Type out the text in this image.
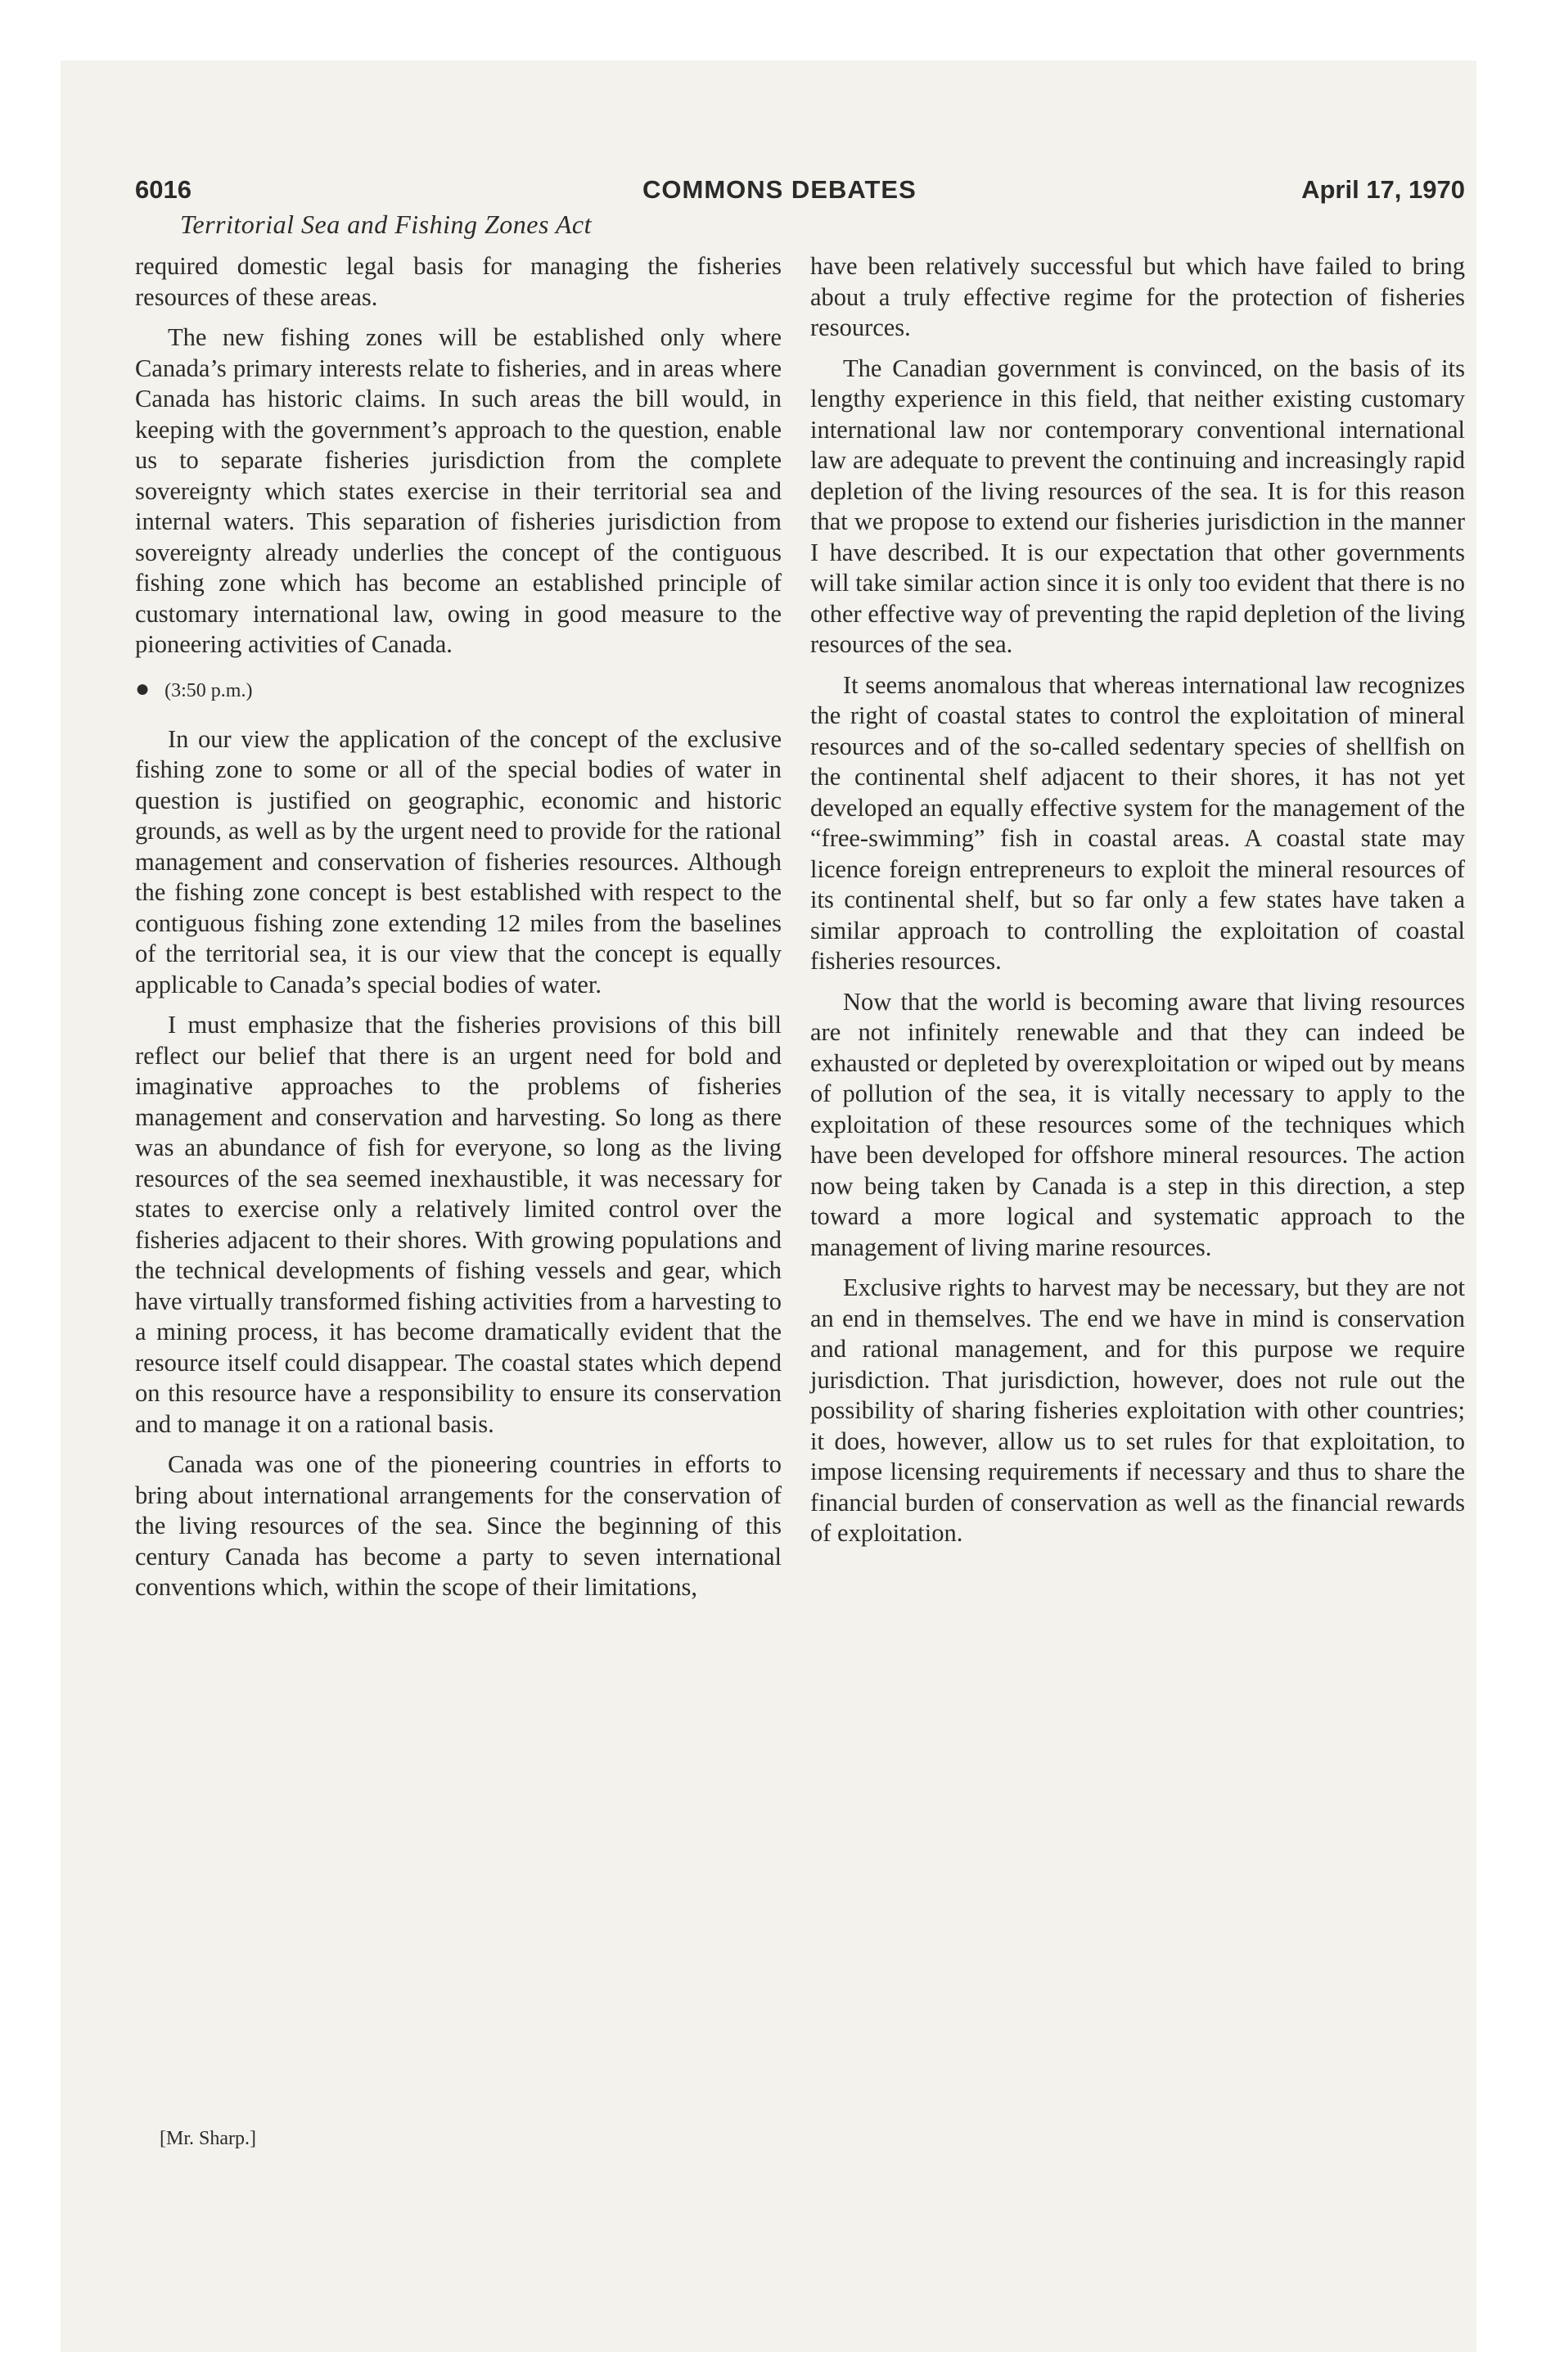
6016	COMMONS DEBATES	April 17, 1970
Territorial Sea and Fishing Zones Act

required domestic legal basis for managing the fisheries resources of these areas.

The new fishing zones will be established only where Canada’s primary interests relate to fisheries, and in areas where Canada has historic claims. In such areas the bill would, in keeping with the government’s approach to the question, enable us to separate fisheries jurisdiction from the complete sovereignty which states exercise in their territorial sea and internal waters. This separation of fisheries jurisdiction from sovereignty already underlies the concept of the contiguous fishing zone which has become an established principle of customary international law, owing in good measure to the pioneering activities of Canada.

● (3:50 p.m.)

In our view the application of the concept of the exclusive fishing zone to some or all of the special bodies of water in question is justified on geographic, economic and historic grounds, as well as by the urgent need to provide for the rational management and conservation of fisheries resources. Although the fishing zone concept is best established with respect to the contiguous fishing zone extending 12 miles from the baselines of the territorial sea, it is our view that the concept is equally applicable to Canada’s special bodies of water.

I must emphasize that the fisheries provisions of this bill reflect our belief that there is an urgent need for bold and imaginative approaches to the problems of fisheries management and conservation and harvesting. So long as there was an abundance of fish for everyone, so long as the living resources of the sea seemed inexhaustible, it was necessary for states to exercise only a relatively limited control over the fisheries adjacent to their shores. With growing populations and the technical developments of fishing vessels and gear, which have virtually transformed fishing activities from a harvesting to a mining process, it has become dramatically evident that the resource itself could disappear. The coastal states which depend on this resource have a responsibility to ensure its conservation and to manage it on a rational basis.

Canada was one of the pioneering countries in efforts to bring about international arrangements for the conservation of the living resources of the sea. Since the beginning of this century Canada has become a party to seven international conventions which, within the scope of their limitations,

[Mr. Sharp.]

have been relatively successful but which have failed to bring about a truly effective regime for the protection of fisheries resources.

The Canadian government is convinced, on the basis of its lengthy experience in this field, that neither existing customary international law nor contemporary conventional international law are adequate to prevent the continuing and increasingly rapid depletion of the living resources of the sea. It is for this reason that we propose to extend our fisheries jurisdiction in the manner I have described. It is our expectation that other governments will take similar action since it is only too evident that there is no other effective way of preventing the rapid depletion of the living resources of the sea.

It seems anomalous that whereas international law recognizes the right of coastal states to control the exploitation of mineral resources and of the so-called sedentary species of shellfish on the continental shelf adjacent to their shores, it has not yet developed an equally effective system for the management of the “free-swimming” fish in coastal areas. A coastal state may licence foreign entrepreneurs to exploit the mineral resources of its continental shelf, but so far only a few states have taken a similar approach to controlling the exploitation of coastal fisheries resources.

Now that the world is becoming aware that living resources are not infinitely renewable and that they can indeed be exhausted or depleted by overexploitation or wiped out by means of pollution of the sea, it is vitally necessary to apply to the exploitation of these resources some of the techniques which have been developed for offshore mineral resources. The action now being taken by Canada is a step in this direction, a step toward a more logical and systematic approach to the management of living marine resources.

Exclusive rights to harvest may be necessary, but they are not an end in themselves. The end we have in mind is conservation and rational management, and for this purpose we require jurisdiction. That jurisdiction, however, does not rule out the possibility of sharing fisheries exploitation with other countries; it does, however, allow us to set rules for that exploitation, to impose licensing requirements if necessary and thus to share the financial burden of conservation as well as the financial rewards of exploitation.
